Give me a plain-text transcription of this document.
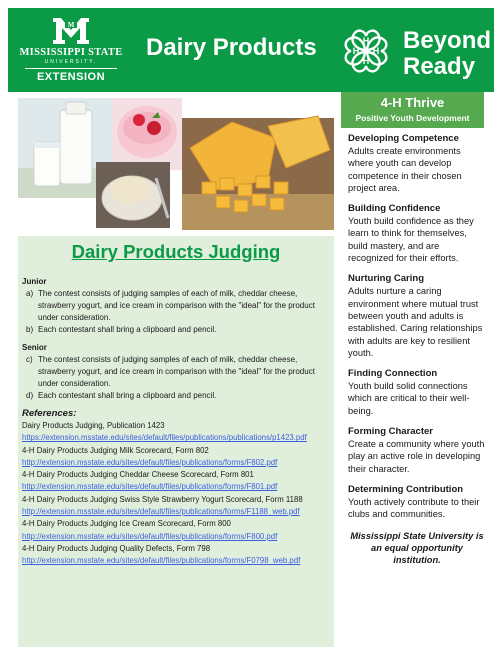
M
MISSISSIPPI STATE
UNIVERSITY.
EXTENSION
Dairy Products	H
H
H H Beyond
Ready
4-H Thrive
Positive Youth Development
Developing Competence
Adults create environments where youth can develop competence in their chosen project area.
Building Confidence
Youth build confidence as they learn to think for themselves, build mastery, and are recognized for their efforts.
Nurturing Caring
Adults nurture a caring environment where mutual trust between youth and adults is established. Caring relationships with adults are key to resilient youth.
Finding Connection
Youth build solid connections which are critical to their well-being.
Forming Character
Create a community where youth play an active role in developing their character.
Determining Contribution
Youth actively contribute to their clubs and communities.
Mississippi State University is an equal opportunity institution.
Dairy Products Judging
Junior
a) The contest consists of judging samples of each of milk, cheddar cheese, strawberry yogurt, and ice cream in comparison with the "ideal" for the product under consideration.
b) Each contestant shall bring a clipboard and pencil.
Senior
c) The contest consists of judging samples of each of milk, cheddar cheese, strawberry yogurt, and ice cream in comparison with the "ideal" for the product under consideration.
d) Each contestant shall bring a clipboard and pencil.
References:
Dairy Products Judging, Publication 1423
https://extension.msstate.edu/sites/default/files/publications/publications/p1423.pdf
4-H Dairy Products Judging Milk Scorecard, Form 802
http://extension.msstate.edu/sites/default/files/publications/forms/F802.pdf
4-H Dairy Products Judging Cheddar Cheese Scorecard, Form 801
http://extension.msstate.edu/sites/default/files/publications/forms/F801.pdf
4-H Dairy Products Judging Swiss Style Strawberry Yogurt Scorecard, Form 1188
http://extension.msstate.edu/sites/default/files/publications/forms/F1188_web.pdf
4-H Dairy Products Judging Ice Cream Scorecard, Form 800
http://extension.msstate.edu/sites/default/files/publications/forms/F800.pdf
4-H Dairy Products Judging Quality Defects, Form 798
http://extension.msstate.edu/sites/default/files/publications/forms/F0798_web.pdf
